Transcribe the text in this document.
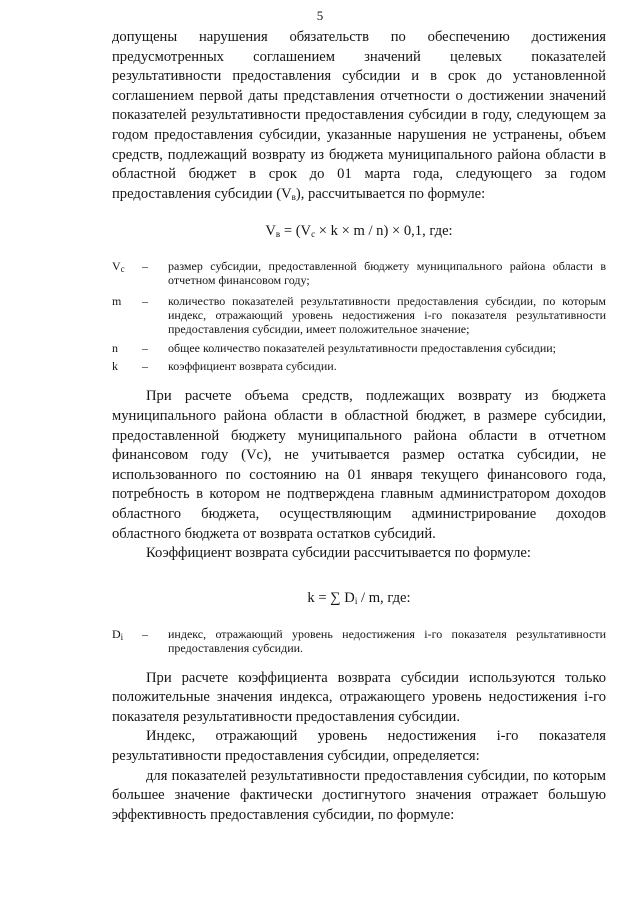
5

допущены нарушения обязательств по обеспечению достижения предусмотренных соглашением значений целевых показателей результативности предоставления субсидии и в срок до установленной соглашением первой даты представления отчетности о достижении значений показателей результативности предоставления субсидии в году, следующем за годом предоставления субсидии, указанные нарушения не устранены, объем средств, подлежащий возврату из бюджета муниципального района области в областной бюджет в срок до 01 марта года, следующего за годом предоставления субсидии $(V_в)$, рассчитывается по формуле:

$V_в = (V_c \times k \times m / n) \times 0,1$, где:

$V_c$	–	размер субсидии, предоставленной бюджету муниципального района области в отчетном финансовом году;
m	–	количество показателей результативности предоставления субсидии, по которым индекс, отражающий уровень недостижения i-го показателя результативности предоставления субсидии, имеет положительное значение;
n	–	общее количество показателей результативности предоставления субсидии;
k	–	коэффициент возврата субсидии.

При расчете объема средств, подлежащих возврату из бюджета муниципального района области в областной бюджет, в размере субсидии, предоставленной бюджету муниципального района области в отчетном финансовом году (Vc), не учитывается размер остатка субсидии, не использованного по состоянию на 01 января текущего финансового года, потребность в котором не подтверждена главным администратором доходов областного бюджета, осуществляющим администрирование доходов областного бюджета от возврата остатков субсидий.

Коэффициент возврата субсидии рассчитывается по формуле:

k = ∑ $D_i$ / m, где:

$D_i$	–	индекс, отражающий уровень недостижения i-го показателя результативности предоставления субсидии.

При расчете коэффициента возврата субсидии используются только положительные значения индекса, отражающего уровень недостижения i-го показателя результативности предоставления субсидии.

Индекс, отражающий уровень недостижения i-го показателя результативности предоставления субсидии, определяется:

для показателей результативности предоставления субсидии, по которым большее значение фактически достигнутого значения отражает большую эффективность предоставления субсидии, по формуле:
